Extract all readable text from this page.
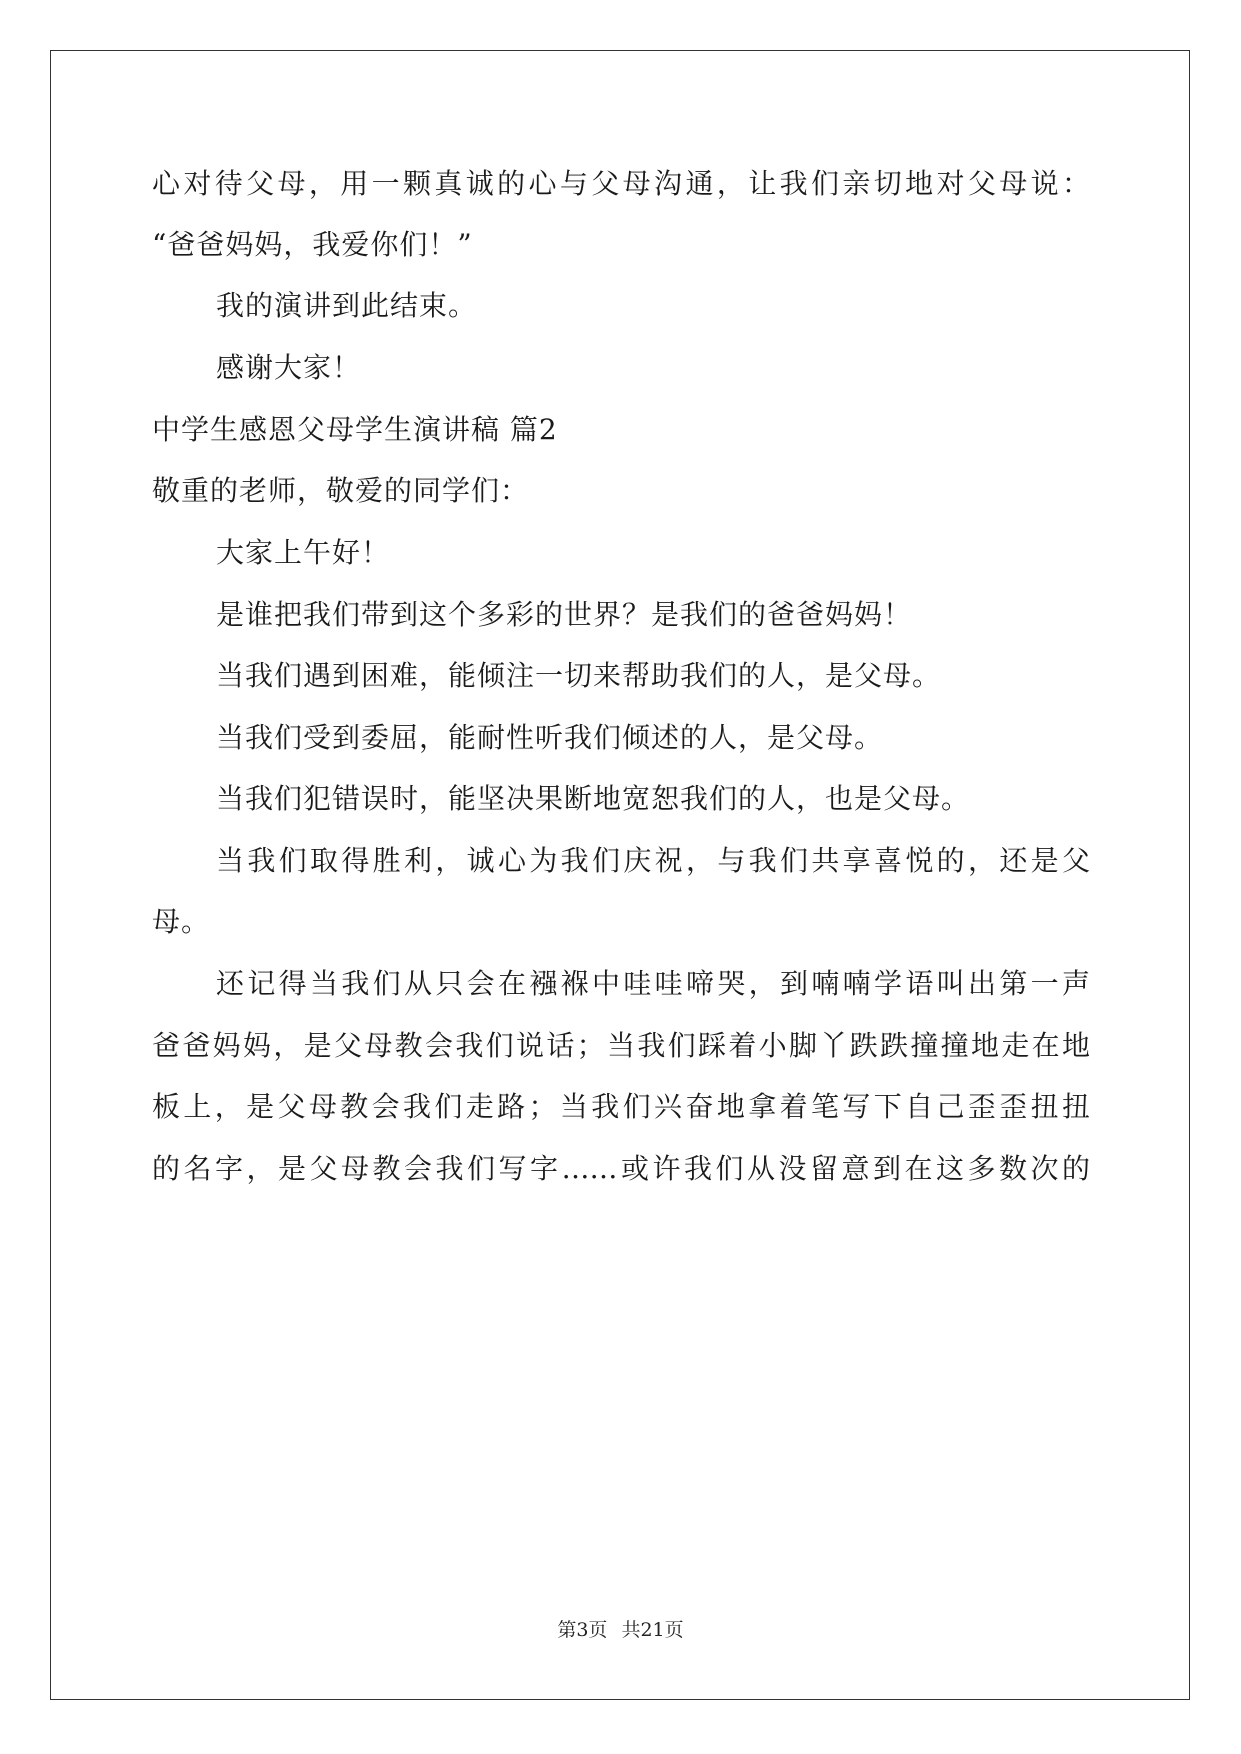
心对待父母，用一颗真诚的心与父母沟通，让我们亲切地对父母说：
“爸爸妈妈，我爱你们！”
我的演讲到此结束。
感谢大家！
中学生感恩父母学生演讲稿 篇2
敬重的老师，敬爱的同学们：
大家上午好！
是谁把我们带到这个多彩的世界？是我们的爸爸妈妈！
当我们遇到困难，能倾注一切来帮助我们的人，是父母。
当我们受到委屈，能耐性听我们倾述的人，是父母。
当我们犯错误时，能坚决果断地宽恕我们的人，也是父母。
当我们取得胜利，诚心为我们庆祝，与我们共享喜悦的，还是父
母。
还记得当我们从只会在襁褓中哇哇啼哭，到喃喃学语叫出第一声
爸爸妈妈，是父母教会我们说话；当我们踩着小脚丫跌跌撞撞地走在地
板上，是父母教会我们走路；当我们兴奋地拿着笔写下自己歪歪扭扭
的名字，是父母教会我们写字……或许我们从没留意到在这多数次的
第3页 共21页
